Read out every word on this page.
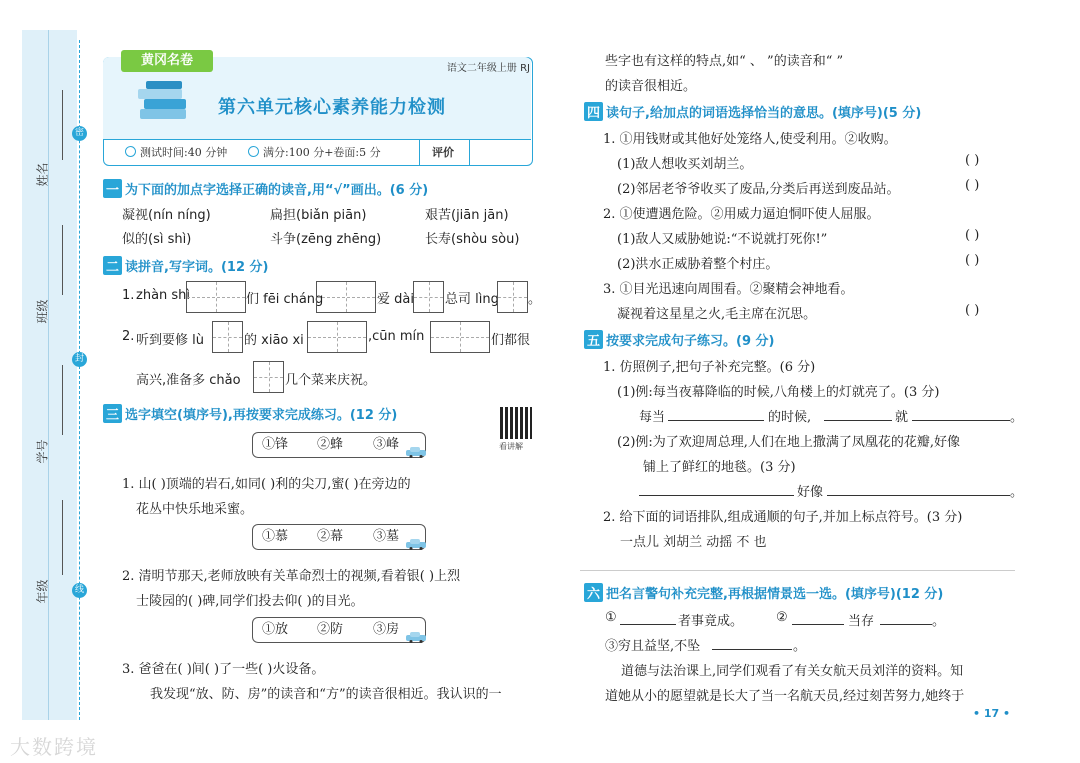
姓名
班级
学号
年级
密
封
线
黄冈名卷
语文二年级上册 RJ
第六单元核心素养能力检测
测试时间:40 分钟	满分:100 分+卷面:5 分	评价
一 为下面的加点字选择正确的读音,用“√”画出。(6 分)
凝视(nín níng)	扁担(biǎn piān)	艰苦(jiān jān)
似的(sì shì)	斗争(zēng zhēng)	长寿(shòu sòu)
二 读拼音,写字词。(12 分)
1. zhàn shì	们 fēi cháng	爱 dài 总司 lìng 。
2. 听到要修 lù	的 xiāo xi	,cūn mín	们都很
高兴,准备多 chǎo	几个菜来庆祝。
三 选字填空(填序号),再按要求完成练习。(12 分)
看讲解
①锋 ②蜂 ③峰
1. 山( )顶端的岩石,如同( )利的尖刀,蜜( )在旁边的
花丛中快乐地采蜜。
①慕 ②幕 ③墓
2. 清明节那天,老师放映有关革命烈士的视频,看着银( )上烈
士陵园的( )碑,同学们投去仰( )的目光。
①放 ②防 ③房
3. 爸爸在( )间( )了一些( )火设备。
我发现“放、防、房”的读音和“方”的读音很相近。我认识的一
些字也有这样的特点,如“ 、 ”的读音和“ ”
的读音很相近。
四 读句子,给加点的词语选择恰当的意思。(填序号)(5 分)
1. ①用钱财或其他好处笼络人,使受利用。②收购。
(1)敌人想收买刘胡兰。	( )
(2)邻居老爷爷收买了废品,分类后再送到废品站。	( )
2. ①使遭遇危险。②用威力逼迫恫吓使人屈服。
(1)敌人又威胁她说:“不说就打死你!”	( )
(2)洪水正威胁着整个村庄。	( )
3. ①目光迅速向周围看。②聚精会神地看。
凝视着这星星之火,毛主席在沉思。	( )
五 按要求完成句子练习。(9 分)
1. 仿照例子,把句子补充完整。(6 分)
(1)例:每当夜幕降临的时候,八角楼上的灯就亮了。(3 分)
每当	的时候,	就	。
(2)例:为了欢迎周总理,人们在地上撒满了凤凰花的花瓣,好像
铺上了鲜红的地毯。(3 分)
好像	。
2. 给下面的词语排队,组成通顺的句子,并加上标点符号。(3 分)
一点儿 刘胡兰 动摇 不 也
六 把名言警句补充完整,再根据情景选一选。(填序号)(12 分)
①	者事竟成。	②	当存	。
③穷且益坚,不坠	。
道德与法治课上,同学们观看了有关女航天员刘洋的资料。知
道她从小的愿望就是长大了当一名航天员,经过刻苦努力,她终于
• 17 •
大数跨境
